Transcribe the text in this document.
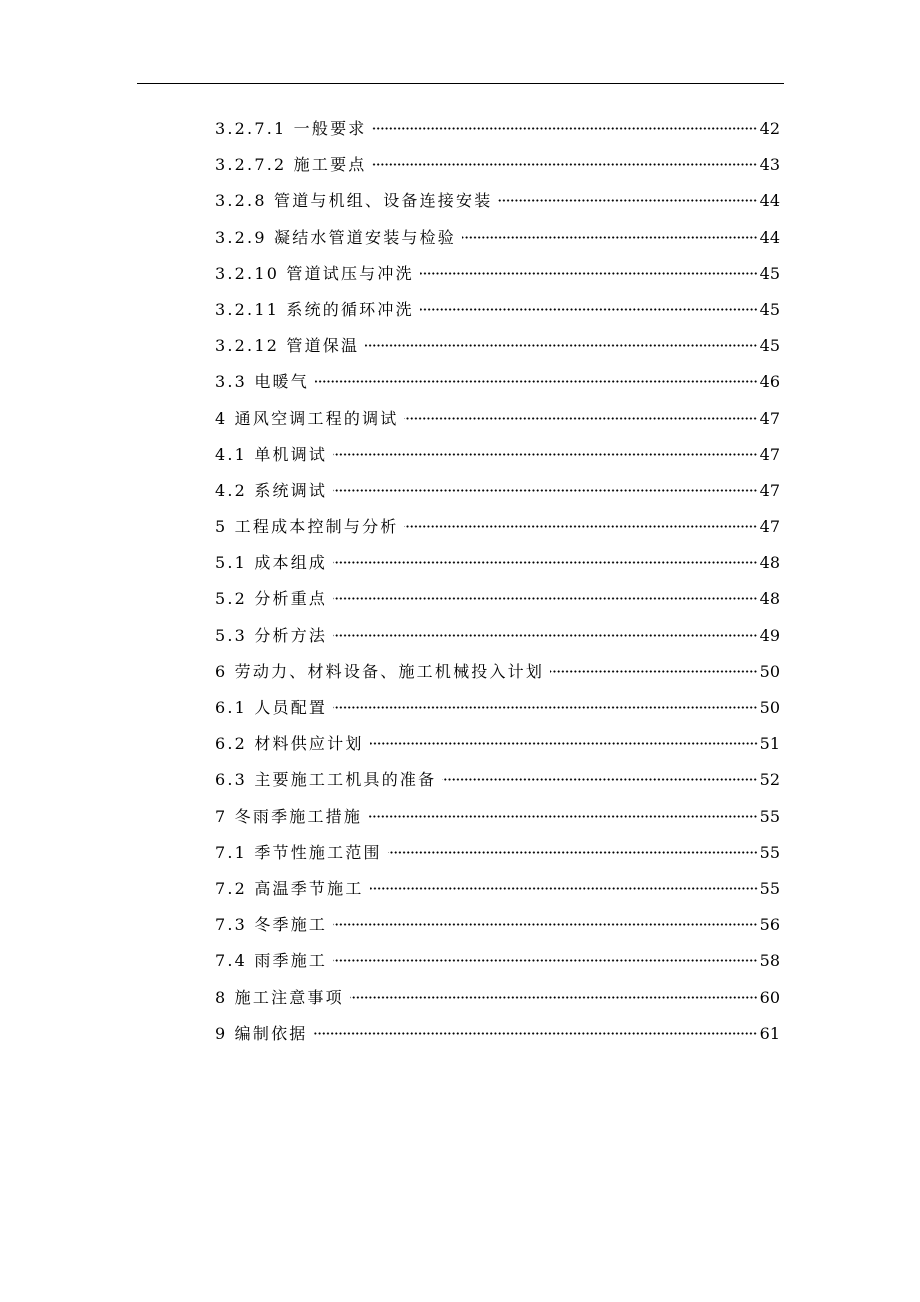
3.2.7.1 一般要求	42
3.2.7.2 施工要点	43
3.2.8 管道与机组、设备连接安装	44
3.2.9 凝结水管道安装与检验	44
3.2.10 管道试压与冲洗	45
3.2.11 系统的循环冲洗	45
3.2.12 管道保温	45
3.3 电暖气	46
4 通风空调工程的调试	47
4.1 单机调试	47
4.2 系统调试	47
5 工程成本控制与分析	47
5.1 成本组成	48
5.2 分析重点	48
5.3 分析方法	49
6 劳动力、材料设备、施工机械投入计划	50
6.1 人员配置	50
6.2 材料供应计划	51
6.3 主要施工工机具的准备	52
7 冬雨季施工措施	55
7.1 季节性施工范围	55
7.2 高温季节施工	55
7.3 冬季施工	56
7.4 雨季施工	58
8 施工注意事项	60
9 编制依据	61
